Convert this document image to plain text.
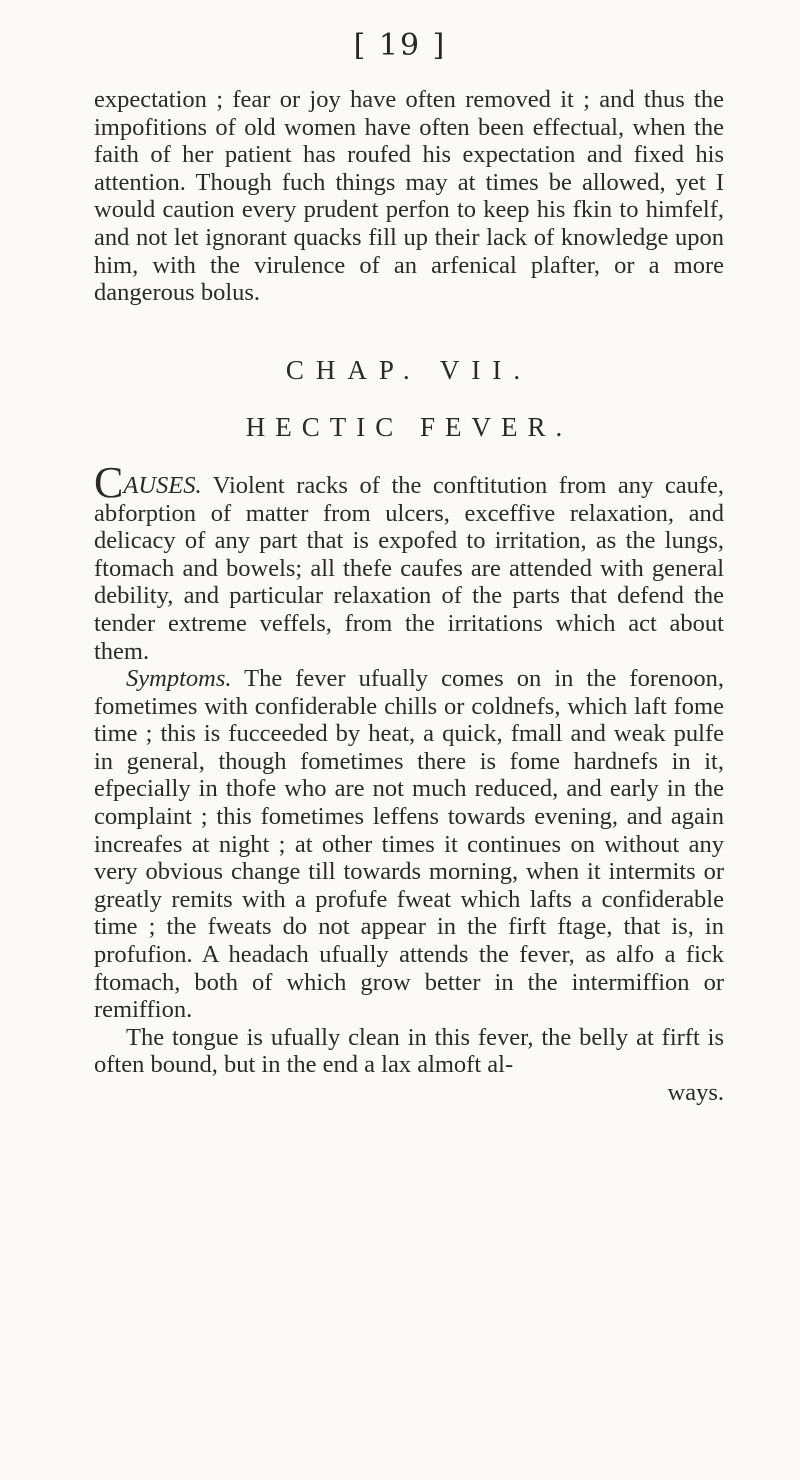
[ 19 ]

expectation ; fear or joy have often removed it ; and thus the impofitions of old women have often been effectual, when the faith of her patient has roufed his expectation and fixed his attention. Though fuch things may at times be allowed, yet I would caution every prudent perfon to keep his fkin to himfelf, and not let ignorant quacks fill up their lack of knowledge upon him, with the virulence of an arfenical plafter, or a more dangerous bolus.

CHAP. VII.
HECTIC FEVER.

CAUSES. Violent racks of the conftitution from any caufe, abforption of matter from ulcers, exceffive relaxation, and delicacy of any part that is expofed to irritation, as the lungs, ftomach and bowels; all thefe caufes are attended with general debility, and particular relaxation of the parts that defend the tender extreme veffels, from the irritations which act about them.

Symptoms. The fever ufually comes on in the forenoon, fometimes with confiderable chills or coldnefs, which laft fome time ; this is fucceeded by heat, a quick, fmall and weak pulfe in general, though fometimes there is fome hardnefs in it, efpecially in thofe who are not much reduced, and early in the complaint ; this fometimes leffens towards evening, and again increafes at night ; at other times it continues on without any very obvious change till towards morning, when it intermits or greatly remits with a profufe fweat which lafts a confiderable time ; the fweats do not appear in the firft ftage, that is, in profufion. A headach ufually attends the fever, as alfo a fick ftomach, both of which grow better in the intermiffion or remiffion.

The tongue is ufually clean in this fever, the belly at firft is often bound, but in the end a lax almoft al-

ways.
